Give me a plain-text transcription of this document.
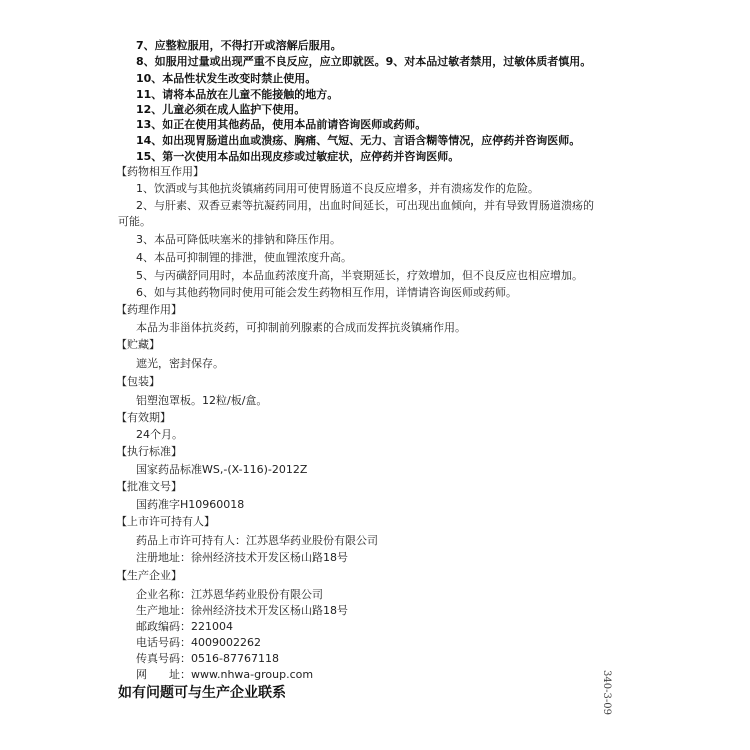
7、应整粒服用，不得打开或溶解后服用。
8、如服用过量或出现严重不良反应，应立即就医。9、对本品过敏者禁用，过敏体质者慎用。
10、本品性状发生改变时禁止使用。
11、请将本品放在儿童不能接触的地方。
12、儿童必须在成人监护下使用。
13、如正在使用其他药品，使用本品前请咨询医师或药师。
14、如出现胃肠道出血或溃疡、胸痛、气短、无力、言语含糊等情况，应停药并咨询医师。
15、第一次使用本品如出现皮疹或过敏症状，应停药并咨询医师。
【药物相互作用】
1、饮酒或与其他抗炎镇痛药同用可使胃肠道不良反应增多，并有溃疡发作的危险。
2、与肝素、双香豆素等抗凝药同用，出血时间延长，可出现出血倾向，并有导致胃肠道溃疡的
可能。
3、本品可降低呋塞米的排钠和降压作用。
4、本品可抑制锂的排泄，使血锂浓度升高。
5、与丙磺舒同用时，本品血药浓度升高，半衰期延长，疗效增加，但不良反应也相应增加。
6、如与其他药物同时使用可能会发生药物相互作用，详情请咨询医师或药师。
【药理作用】
本品为非甾体抗炎药，可抑制前列腺素的合成而发挥抗炎镇痛作用。
【贮藏】
遮光，密封保存。
【包装】
铝塑泡罩板。12粒/板/盒。
【有效期】
24个月。
【执行标准】
国家药品标准WS,-(X-116)-2012Z
【批准文号】
国药准字H10960018
【上市许可持有人】
药品上市许可持有人：江苏恩华药业股份有限公司
注册地址：徐州经济技术开发区杨山路18号
【生产企业】
企业名称：江苏恩华药业股份有限公司
生产地址：徐州经济技术开发区杨山路18号
邮政编码：221004
电话号码：4009002262
传真号码：0516-87767118
网　　址：www.nhwa-group.com
如有问题可与生产企业联系	340-3-09
